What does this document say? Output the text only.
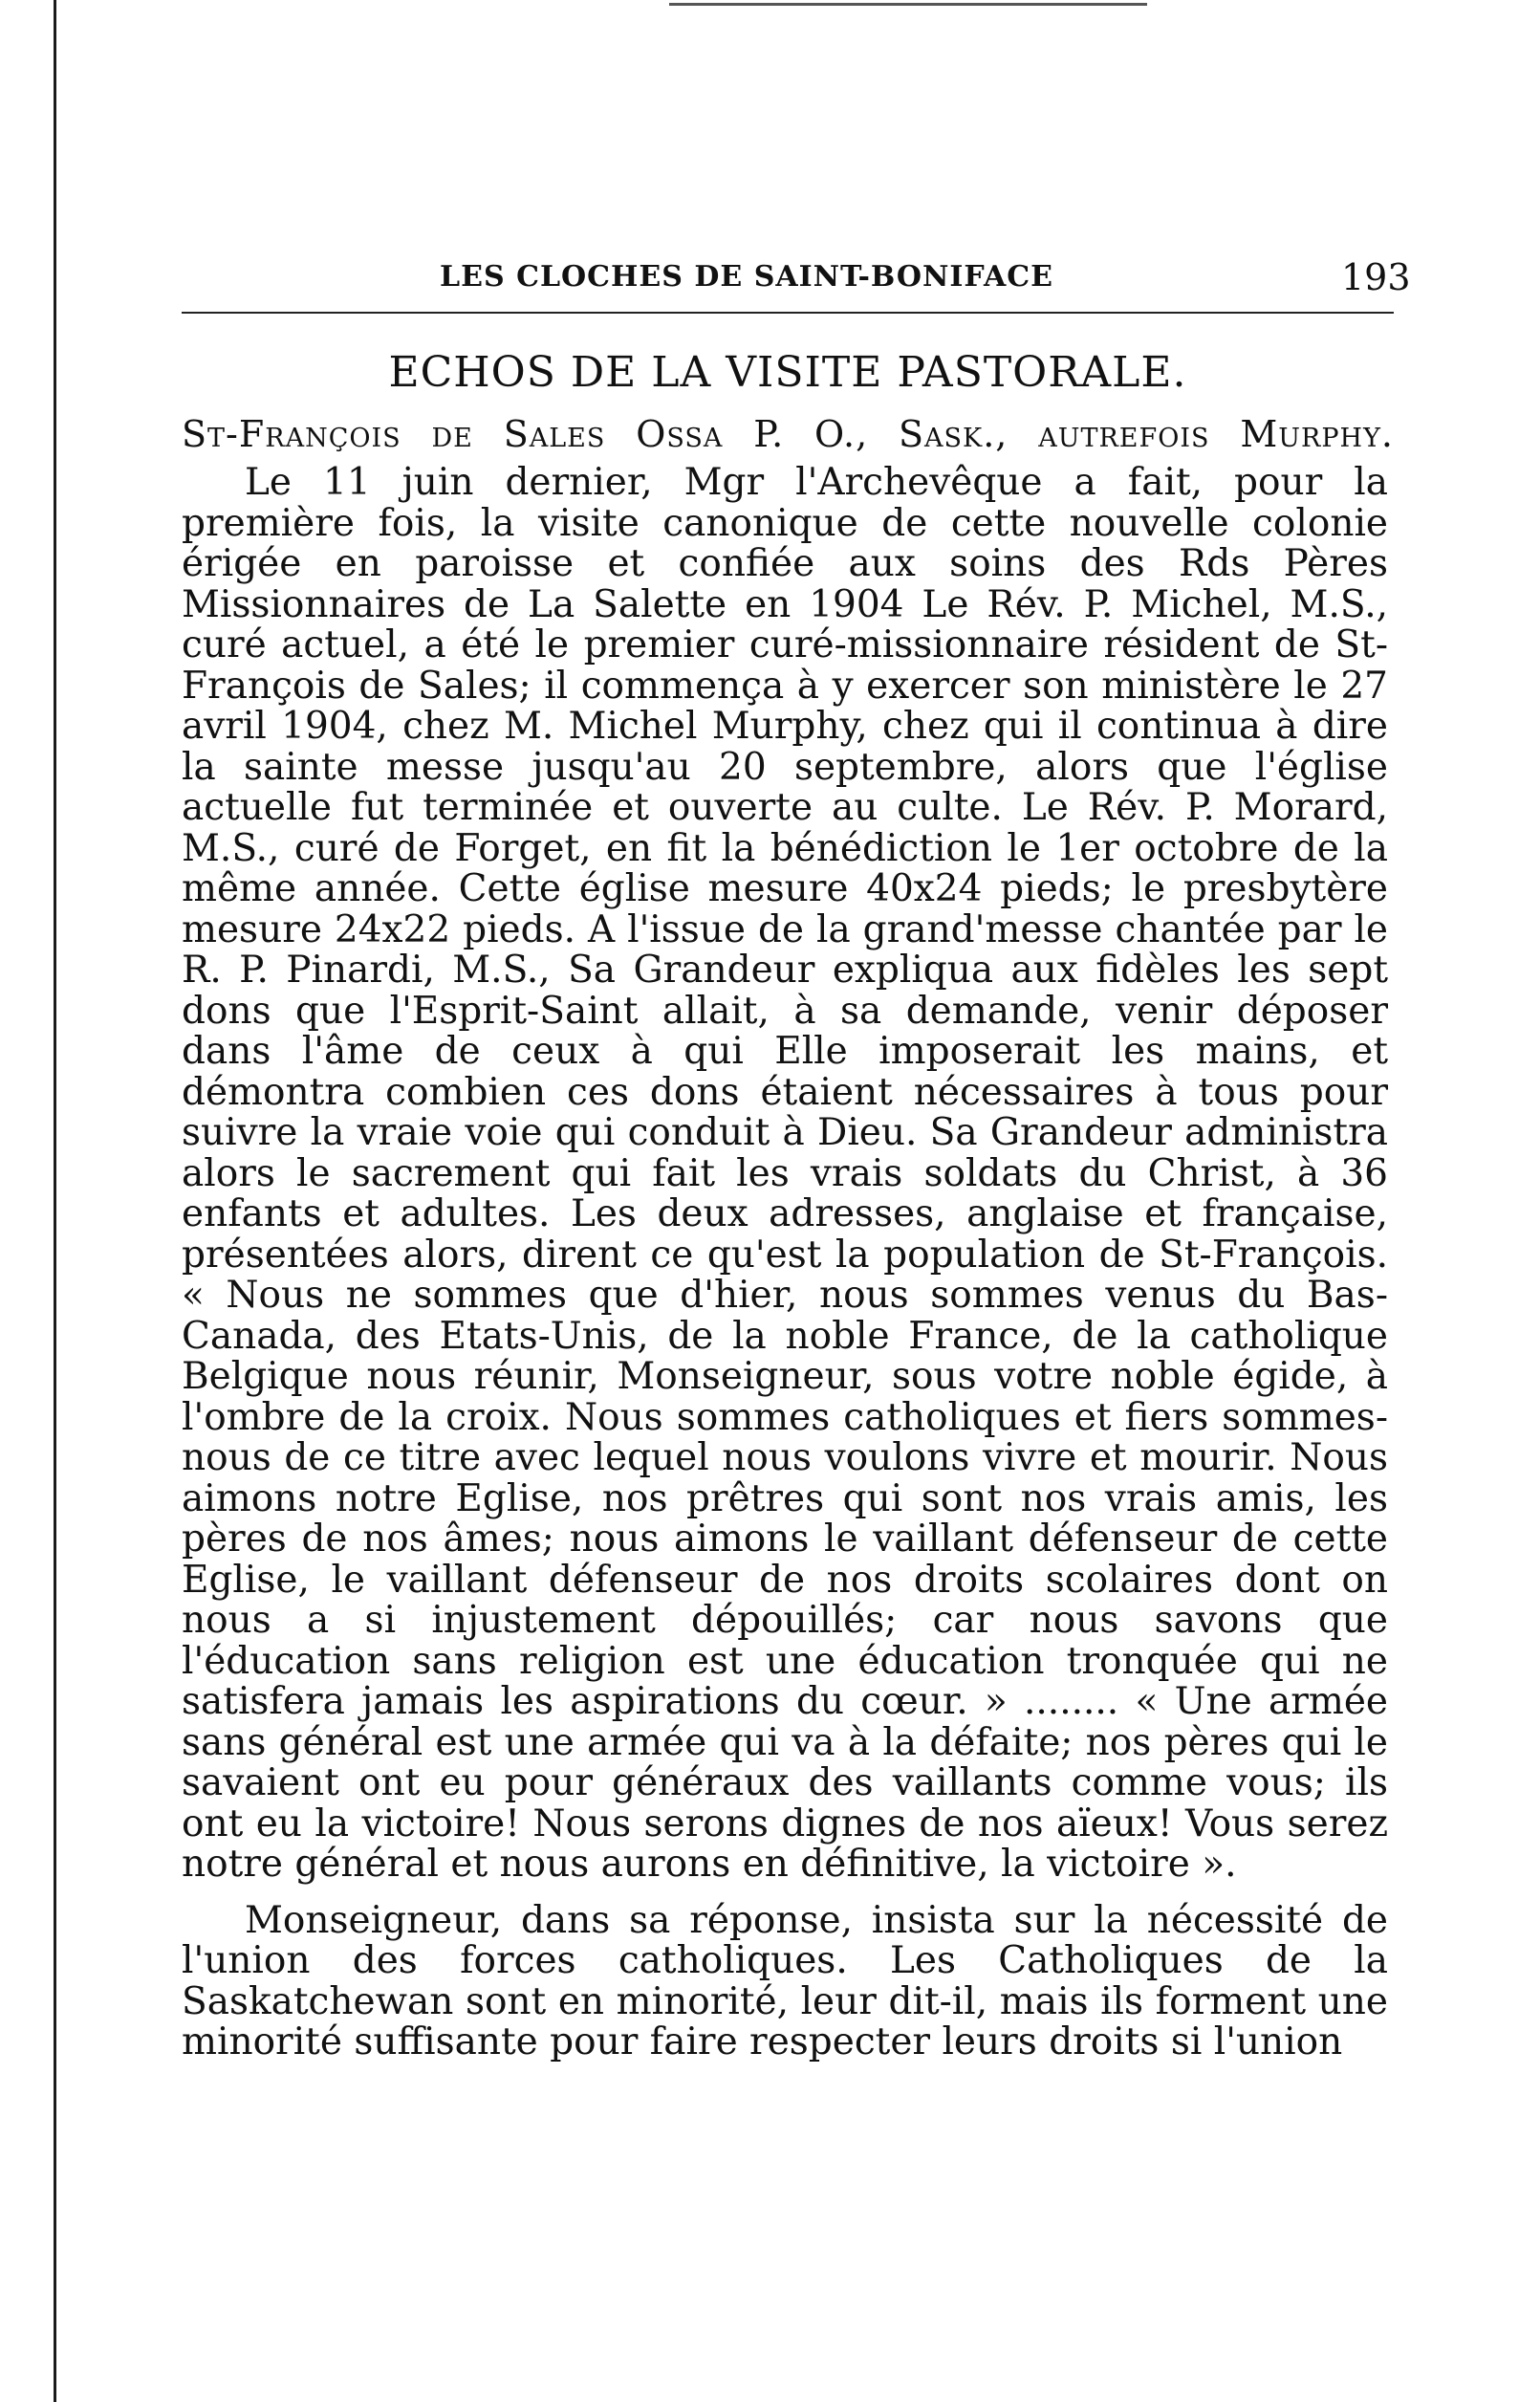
LES CLOCHES DE SAINT-BONIFACE	193
ECHOS DE LA VISITE PASTORALE.
St-François de Sales Ossa P. O., Sask., autrefois Murphy.

Le 11 juin dernier, Mgr l'Archevêque a fait, pour la première fois, la visite canonique de cette nouvelle colonie érigée en paroisse et confiée aux soins des Rds Pères Missionnaires de La Salette en 1904 Le Rév. P. Michel, M.S., curé actuel, a été le premier curé-missionnaire résident de St-François de Sales; il commença à y exercer son ministère le 27 avril 1904, chez M. Michel Murphy, chez qui il continua à dire la sainte messe jusqu'au 20 septembre, alors que l'église actuelle fut terminée et ouverte au culte. Le Rév. P. Morard, M.S., curé de Forget, en fit la bénédiction le 1er octobre de la même année. Cette église mesure 40x24 pieds; le presbytère mesure 24x22 pieds. A l'issue de la grand'messe chantée par le R. P. Pinardi, M.S., Sa Grandeur expliqua aux fidèles les sept dons que l'Esprit-Saint allait, à sa demande, venir déposer dans l'âme de ceux à qui Elle imposerait les mains, et démontra combien ces dons étaient nécessaires à tous pour suivre la vraie voie qui conduit à Dieu. Sa Grandeur administra alors le sacrement qui fait les vrais soldats du Christ, à 36 enfants et adultes. Les deux adresses, anglaise et française, présentées alors, dirent ce qu'est la population de St-François. « Nous ne sommes que d'hier, nous sommes venus du Bas-Canada, des Etats-Unis, de la noble France, de la catholique Belgique nous réunir, Monseigneur, sous votre noble égide, à l'ombre de la croix. Nous sommes catholiques et fiers sommes-nous de ce titre avec lequel nous voulons vivre et mourir. Nous aimons notre Eglise, nos prêtres qui sont nos vrais amis, les pères de nos âmes; nous aimons le vaillant défenseur de cette Eglise, le vaillant défenseur de nos droits scolaires dont on nous a si injustement dépouillés; car nous savons que l'éducation sans religion est une éducation tronquée qui ne satisfera jamais les aspirations du cœur. » ........ « Une armée sans général est une armée qui va à la défaite; nos pères qui le savaient ont eu pour généraux des vaillants comme vous; ils ont eu la victoire! Nous serons dignes de nos aïeux! Vous serez notre général et nous aurons en définitive, la victoire ».

Monseigneur, dans sa réponse, insista sur la nécessité de l'union des forces catholiques. Les Catholiques de la Saskatchewan sont en minorité, leur dit-il, mais ils forment une minorité suffisante pour faire respecter leurs droits si l'union
